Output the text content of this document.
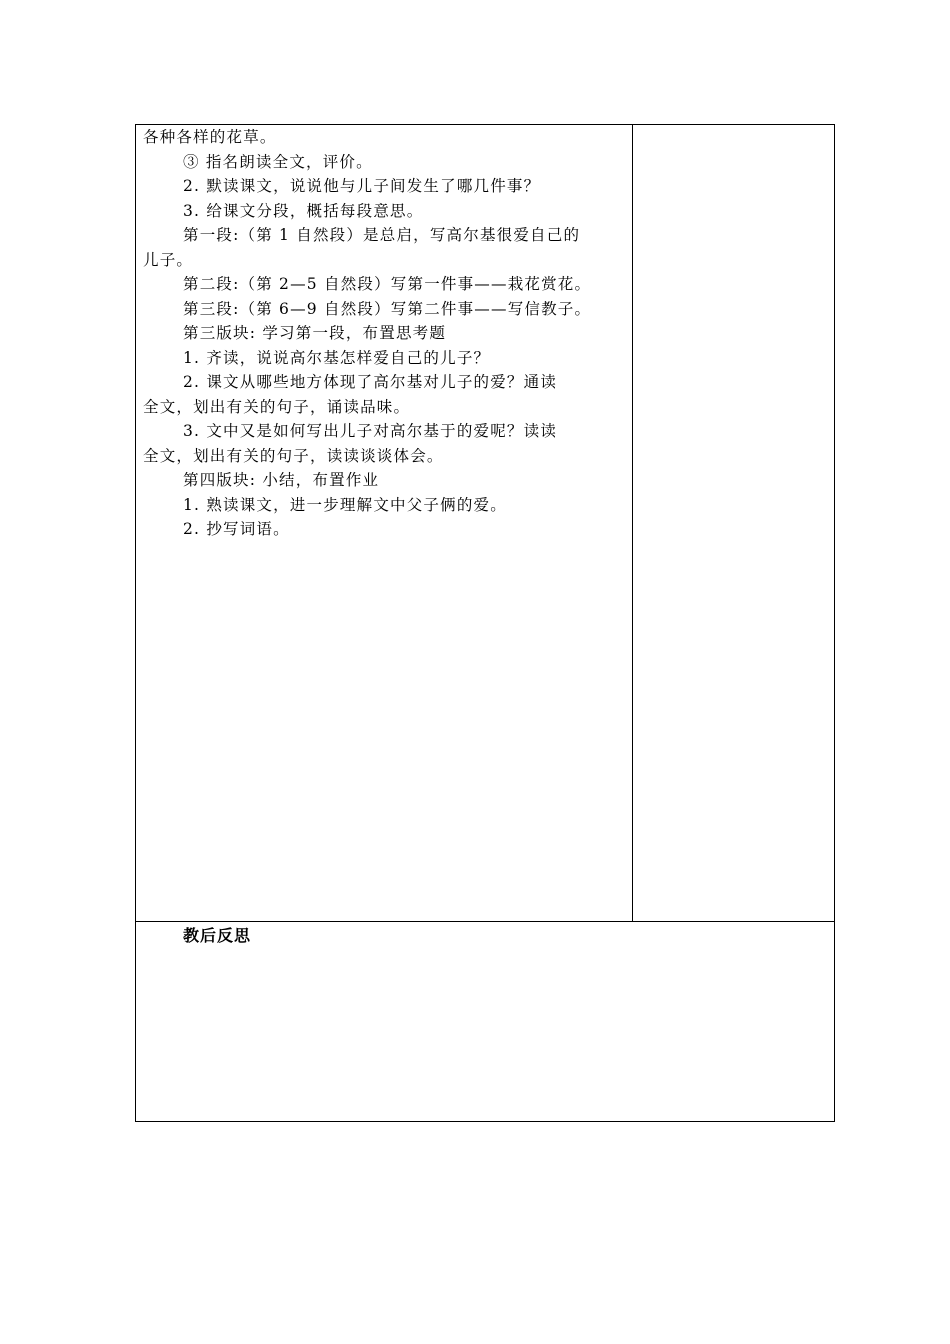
各种各样的花草。
③ 指名朗读全文，评价。
2. 默读课文，说说他与儿子间发生了哪几件事？
3. 给课文分段，概括每段意思。
第一段:（第 1 自然段）是总启，写高尔基很爱自己的
儿子。
第二段:（第 2—5 自然段）写第一件事——栽花赏花。
第三段:（第 6—9 自然段）写第二件事——写信教子。
第三版块: 学习第一段，布置思考题
1. 齐读，说说高尔基怎样爱自己的儿子？
2. 课文从哪些地方体现了高尔基对儿子的爱？通读
全文，划出有关的句子，诵读品味。
3. 文中又是如何写出儿子对高尔基于的爱呢？读读
全文，划出有关的句子，读读谈谈体会。
第四版块: 小结，布置作业
1. 熟读课文，进一步理解文中父子俩的爱。
2. 抄写词语。
教后反思
